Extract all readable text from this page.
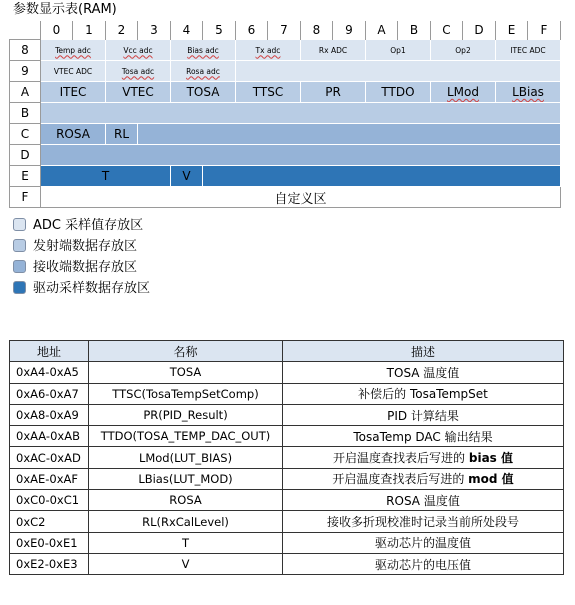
参数显示表(RAM)
	0	1	2	3	4	5	6	7	8	9	A	B	C	D	E	F
8	Temp adc		Vcc adc		Bias adc		Tx adc		Rx ADC		Op1		Op2		ITEC ADC	
9	VTEC ADC		Tosa adc		Rosa adc											
A	ITEC		VTEC		TOSA		TTSC		PR		TTDO		LMod		LBias	
B																
C	ROSA		RL													
D																
E	T				V											
F	自定义区															
ADC 采样值存放区
发射端数据存放区
接收端数据存放区
驱动采样数据存放区
地址	名称	描述
0xA4-0xA5	TOSA	TOSA 温度值
0xA6-0xA7	TTSC(TosaTempSetComp)	补偿后的 TosaTempSet
0xA8-0xA9	PR(PID_Result)	PID 计算结果
0xAA-0xAB	TTDO(TOSA_TEMP_DAC_OUT)	TosaTemp DAC 输出结果
0xAC-0xAD	LMod(LUT_BIAS)	开启温度查找表后写进的 bias 值
0xAE-0xAF	LBias(LUT_MOD)	开启温度查找表后写进的 mod 值
0xC0-0xC1	ROSA	ROSA 温度值
0xC2	RL(RxCalLevel)	接收多折现校准时记录当前所处段号
0xE0-0xE1	T	驱动芯片的温度值
0xE2-0xE3	V	驱动芯片的电压值
